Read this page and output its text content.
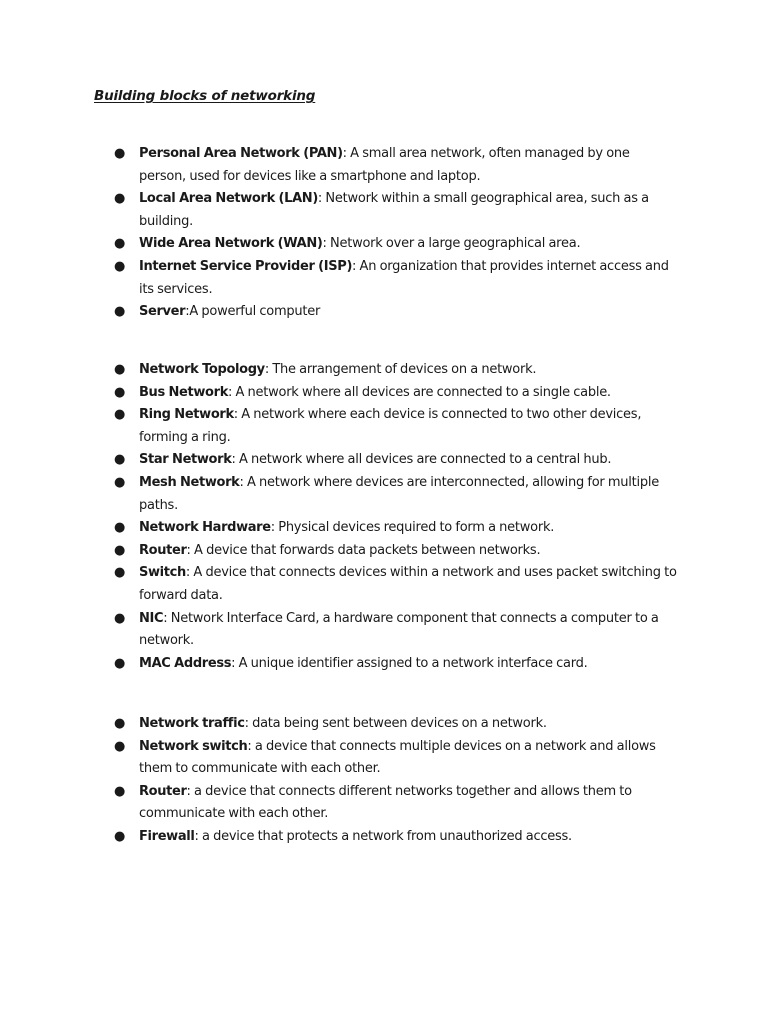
Building blocks of networking
● Personal Area Network (PAN): A small area network, often managed by one person, used for devices like a smartphone and laptop.
● Local Area Network (LAN): Network within a small geographical area, such as a building.
● Wide Area Network (WAN): Network over a large geographical area.
● Internet Service Provider (ISP): An organization that provides internet access and its services.
● Server:A powerful computer
● Network Topology: The arrangement of devices on a network.
● Bus Network: A network where all devices are connected to a single cable.
● Ring Network: A network where each device is connected to two other devices, forming a ring.
● Star Network: A network where all devices are connected to a central hub.
● Mesh Network: A network where devices are interconnected, allowing for multiple paths.
● Network Hardware: Physical devices required to form a network.
● Router: A device that forwards data packets between networks.
● Switch: A device that connects devices within a network and uses packet switching to forward data.
● NIC: Network Interface Card, a hardware component that connects a computer to a network.
● MAC Address: A unique identifier assigned to a network interface card.
● Network traffic: data being sent between devices on a network.
● Network switch: a device that connects multiple devices on a network and allows them to communicate with each other.
● Router: a device that connects different networks together and allows them to communicate with each other.
● Firewall: a device that protects a network from unauthorized access.
